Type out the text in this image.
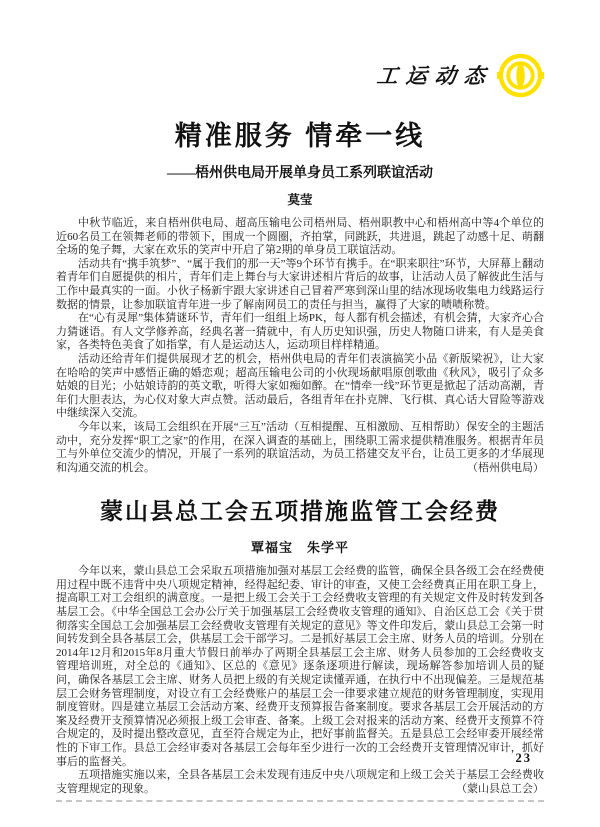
工运动态
精准服务 情牵一线
——梧州供电局开展单身员工系列联谊活动
莫莹

中秋节临近，来自梧州供电局、超高压输电公司梧州局、梧州职教中心和梧州高中等4个单位的近60名员工在领舞老师的带领下，围成一个圆圈，齐拍掌，同跳跃，共进退，跳起了动感十足、萌翻全场的兔子舞，大家在欢乐的笑声中开启了第2期的单身员工联谊活动。

活动共有“携手筑梦”、“属于我们的那一天”等9个环节有携手。在“职来职往”环节，大屏幕上翻动着青年们自愿提供的相片，青年们走上舞台与大家讲述相片背后的故事，让活动人员了解彼此生活与工作中最真实的一面。小伙子杨新宇跟大家讲述自己冒着严寒到深山里的结冰现场收集电力线路运行数据的情景，让参加联谊青年进一步了解南网员工的责任与担当，赢得了大家的啧啧称赞。

在“心有灵犀”集体猜谜环节，青年们一组组上场PK，每人都有机会描述，有机会猜，大家齐心合力猜谜语。有人文学修养高，经典名著一猜就中，有人历史知识强，历史人物随口讲来，有人是美食家，各类特色美食了如指掌，有人是运动达人，运动项目样样精通。

活动还给青年们提供展现才艺的机会，梧州供电局的青年们表演搞笑小品《新版梁祝》，让大家在哈哈的笑声中感悟正确的婚恋观；超高压输电公司的小伙现场献唱原创歌曲《秋风》，吸引了众多姑娘的目光；小姑娘诗韵的英文歌，听得大家如痴如醉。在“情牵一线”环节更是掀起了活动高潮，青年们大胆表达，为心仪对象大声点赞。活动最后，各组青年在扑克牌、飞行棋、真心话大冒险等游戏中继续深入交流。

今年以来，该局工会组织在开展“三互”活动（互相提醒、互相激励、互相帮助）保安全的主题活动中，充分发挥“职工之家”的作用，在深入调查的基础上，围绕职工需求提供精准服务。根据青年员工与外单位交流少的情况，开展了一系列的联谊活动，为员工搭建交友平台，让员工更多的才华展现和沟通交流的机会。	（梧州供电局）

蒙山县总工会五项措施监管工会经费
覃福宝　朱学平

今年以来，蒙山县总工会采取五项措施加强对基层工会经费的监管，确保全县各级工会在经费使用过程中既不违背中央八项规定精神，经得起纪委、审计的审查，又使工会经费真正用在职工身上，提高职工对工会组织的满意度。一是把上级工会关于工会经费收支管理的有关规定文件及时转发到各基层工会。《中华全国总工会办公厅关于加强基层工会经费收支管理的通知》、自治区总工会《关于贯彻落实全国总工会加强基层工会经费收支管理有关规定的意见》等文件印发后，蒙山县总工会第一时间转发到全县各基层工会，供基层工会干部学习。二是抓好基层工会主席、财务人员的培训。分别在2014年12月和2015年8月重大节假日前举办了两期全县基层工会主席、财务人员参加的工会经费收支管理培训班，对全总的《通知》、区总的《意见》逐条逐项进行解读，现场解答参加培训人员的疑问，确保各基层工会主席、财务人员把上级的有关规定读懂弄通，在执行中不出现偏差。三是规范基层工会财务管理制度，对设立有工会经费账户的基层工会一律要求建立规范的财务管理制度，实现用制度管财。四是建立基层工会活动方案、经费开支预算报告备案制度。要求各基层工会开展活动的方案及经费开支预算情况必须报上级工会审查、备案。上级工会对报来的活动方案、经费开支预算不符合规定的，及时提出整改意见，直至符合规定为止，把好事前监督关。五是县总工会经审委开展经常性的下审工作。县总工会经审委对各基层工会每年至少进行一次的工会经费开支管理情况审计，抓好事后的监督关。

五项措施实施以来，全县各基层工会未发现有违反中央八项规定和上级工会关于基层工会经费收支管理规定的现象。	（蒙山县总工会）

23
